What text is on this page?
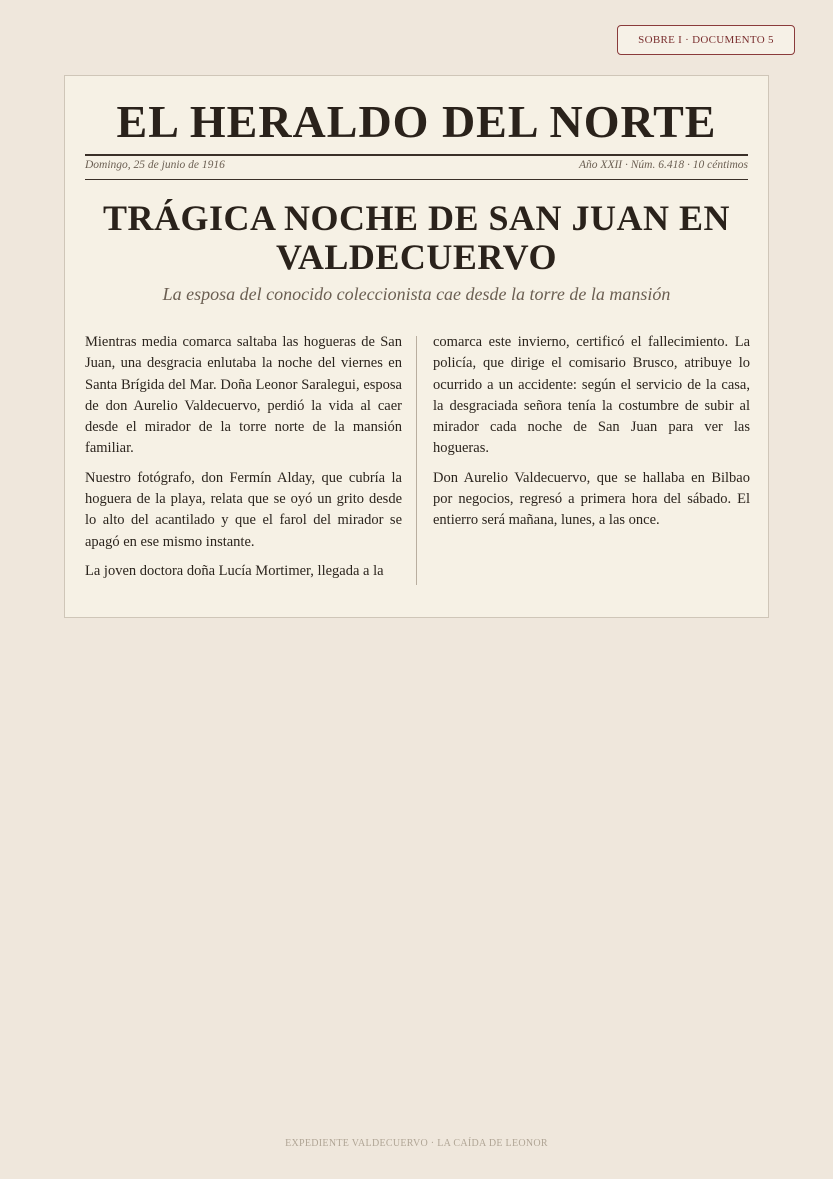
SOBRE I · DOCUMENTO 5
EL HERALDO DEL NORTE
Domingo, 25 de junio de 1916	Año XXII · Núm. 6.418 · 10 céntimos
TRÁGICA NOCHE DE SAN JUAN EN VALDECUERVO
La esposa del conocido coleccionista cae desde la torre de la mansión

Mientras media comarca saltaba las hogueras de San Juan, una desgracia enlutaba la noche del viernes en Santa Brígida del Mar. Doña Leonor Saralegui, esposa de don Aurelio Valdecuervo, perdió la vida al caer desde el mirador de la torre norte de la mansión familiar.

Nuestro fotógrafo, don Fermín Alday, que cubría la hoguera de la playa, relata que se oyó un grito desde lo alto del acantilado y que el farol del mirador se apagó en ese mismo instante.

La joven doctora doña Lucía Mortimer, llegada a la

comarca este invierno, certificó el fallecimiento. La policía, que dirige el comisario Brusco, atribuye lo ocurrido a un accidente: según el servicio de la casa, la desgraciada señora tenía la costumbre de subir al mirador cada noche de San Juan para ver las hogueras.

Don Aurelio Valdecuervo, que se hallaba en Bilbao por negocios, regresó a primera hora del sábado. El entierro será mañana, lunes, a las once.

EXPEDIENTE VALDECUERVO · LA CAÍDA DE LEONOR
